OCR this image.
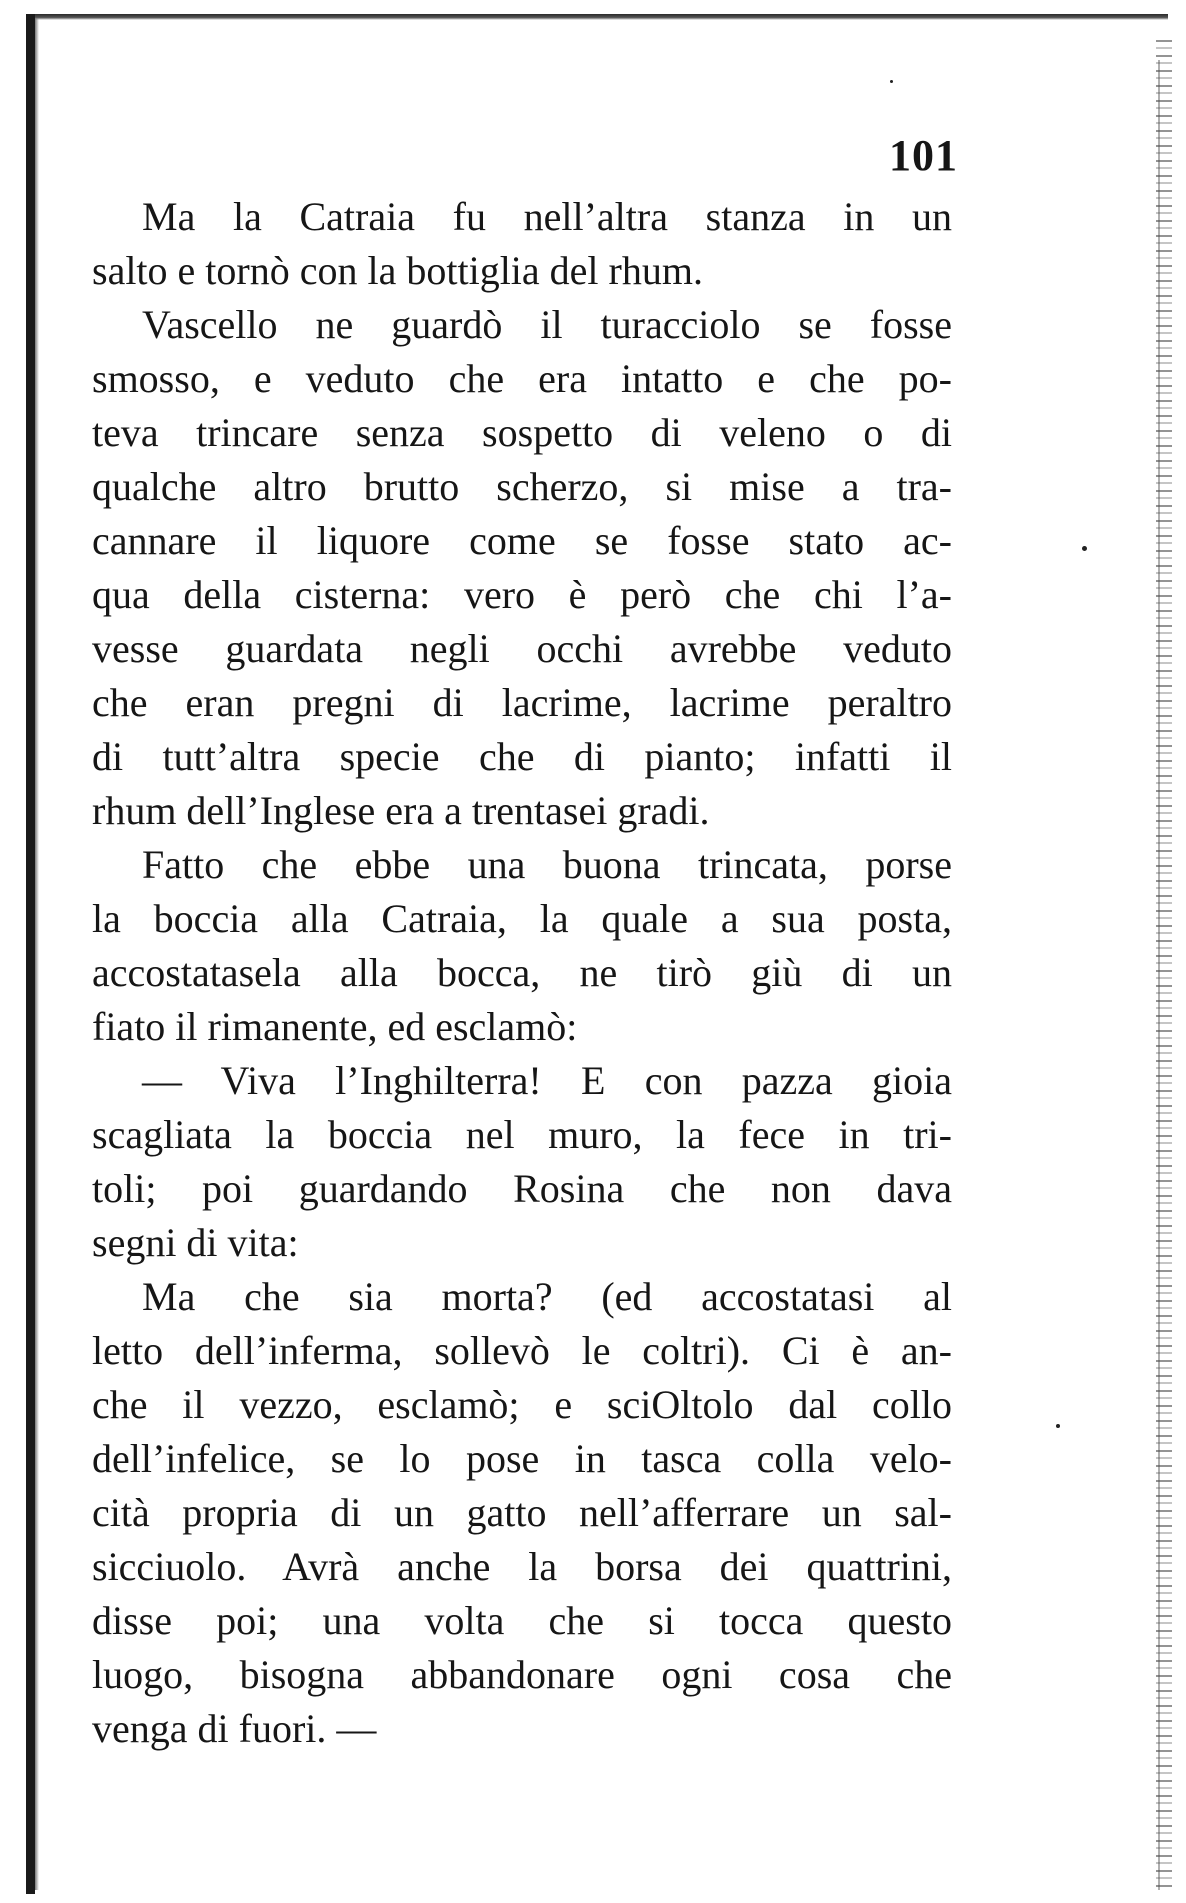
101
Ma la Catraia fu nell’altra stanza in un
salto e tornò con la bottiglia del rhum.
Vascello ne guardò il turacciolo se fosse
smosso, e veduto che era intatto e che po-
teva trincare senza sospetto di veleno o di
qualche altro brutto scherzo, si mise a tra-
cannare il liquore come se fosse stato ac-
qua della cisterna: vero è però che chi l’a-
vesse guardata negli occhi avrebbe veduto
che eran pregni di lacrime, lacrime peraltro
di tutt’altra specie che di pianto; infatti il
rhum dell’Inglese era a trentasei gradi.
Fatto che ebbe una buona trincata, porse
la boccia alla Catraia, la quale a sua posta,
accostatasela alla bocca, ne tirò giù di un
fiato il rimanente, ed esclamò:
— Viva l’Inghilterra! E con pazza gioia
scagliata la boccia nel muro, la fece in tri-
toli; poi guardando Rosina che non dava
segni di vita:
Ma che sia morta? (ed accostatasi al
letto dell’inferma, sollevò le coltri). Ci è an-
che il vezzo, esclamò; e sciOltolo dal collo
dell’infelice, se lo pose in tasca colla velo-
cità propria di un gatto nell’afferrare un sal-
sicciuolo. Avrà anche la borsa dei quattrini,
disse poi; una volta che si tocca questo
luogo, bisogna abbandonare ogni cosa che
venga di fuori. —
